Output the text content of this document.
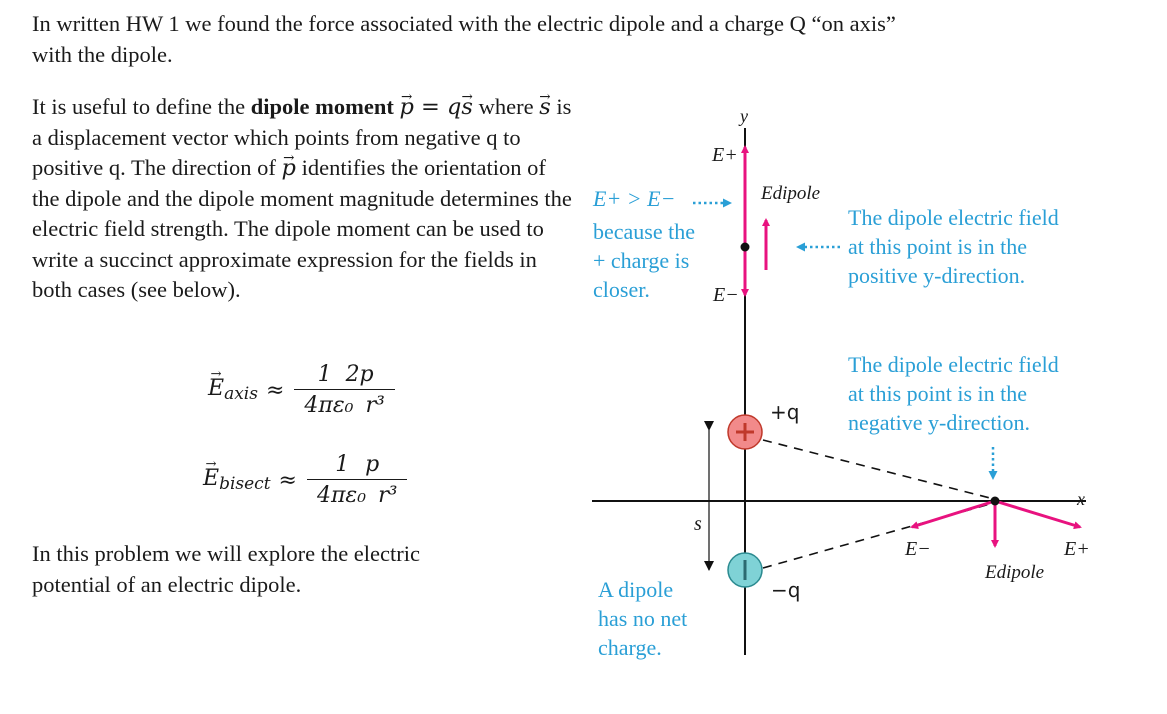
In written HW 1 we found the force associated with the electric dipole and a charge Q “on axis”
with the dipole.

It is useful to define the dipole moment → p = q→ s where → s is a displacement vector which points from negative q to positive q. The direction of → p identifies the orientation of the dipole and the dipole moment magnitude determines the electric field strength. The dipole moment can be used to write a succinct approximate expression for the fields in both cases (see below).

→ $E_{axis} \approx \frac{1 2p}{\text{4πε₀ r³}}$
→ $E_{bisect} \approx \frac{1 p}{\text{4πε₀ r³}}$

In this problem we will explore the electric
potential of an electric dipole.

y
x
+q
−q
s
E+
E−
Edipole
E−
Edipole
E+

E+ > E−

because the
+ charge is
closer.

The dipole electric field
at this point is in the
positive y-direction.

The dipole electric field
at this point is in the
negative y-direction.

A dipole
has no net
charge.
